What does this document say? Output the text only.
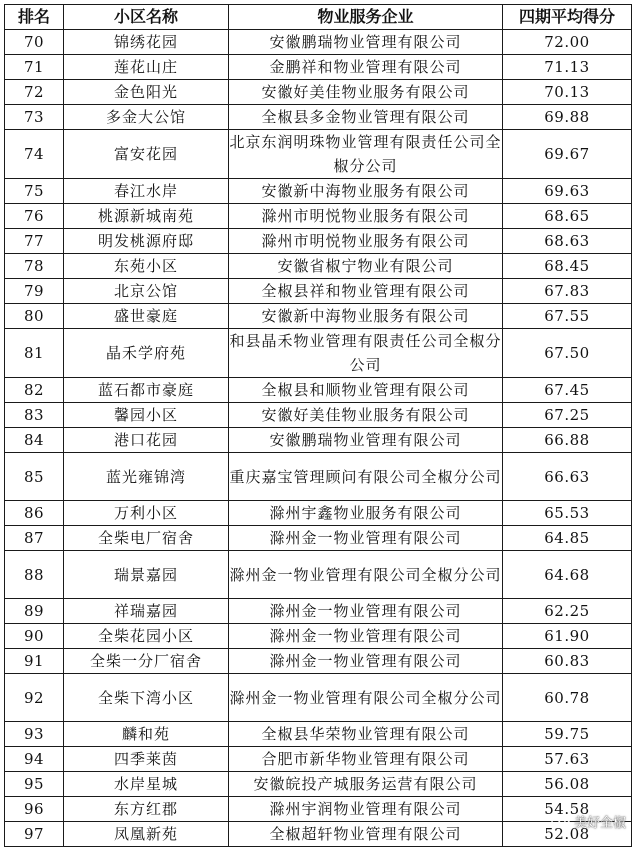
排名	小区名称	物业服务企业	四期平均得分
70	锦绣花园	安徽鹏瑞物业管理有限公司	72.00
71	莲花山庄	金鹏祥和物业管理有限公司	71.13
72	金色阳光	安徽好美佳物业服务有限公司	70.13
73	多金大公馆	全椒县多金物业管理有限公司	69.88
74	富安花园	北京东润明珠物业管理有限责任公司全椒分公司	69.67
75	春江水岸	安徽新中海物业服务有限公司	69.63
76	桃源新城南苑	滁州市明悦物业服务有限公司	68.65
77	明发桃源府邸	滁州市明悦物业服务有限公司	68.63
78	东苑小区	安徽省椒宁物业有限公司	68.45
79	北京公馆	全椒县祥和物业管理有限公司	67.83
80	盛世豪庭	安徽新中海物业服务有限公司	67.55
81	晶禾学府苑	和县晶禾物业管理有限责任公司全椒分公司	67.50
82	蓝石都市豪庭	全椒县和顺物业管理有限公司	67.45
83	馨园小区	安徽好美佳物业服务有限公司	67.25
84	港口花园	安徽鹏瑞物业管理有限公司	66.88
85	蓝光雍锦湾	重庆嘉宝管理顾问有限公司全椒分公司	66.63
86	万利小区	滁州宇鑫物业服务有限公司	65.53
87	全柴电厂宿舍	滁州金一物业管理有限公司	64.85
88	瑞景嘉园	滁州金一物业管理有限公司全椒分公司	64.68
89	祥瑞嘉园	滁州金一物业管理有限公司	62.25
90	全柴花园小区	滁州金一物业管理有限公司	61.90
91	全柴一分厂宿舍	滁州金一物业管理有限公司	60.83
92	全柴下湾小区	滁州金一物业管理有限公司全椒分公司	60.78
93	麟和苑	全椒县华荣物业管理有限公司	59.75
94	四季莱茵	合肥市新华物业管理有限公司	57.63
95	水岸星城	安徽皖投产城服务运营有限公司	56.08
96	东方红郡	滁州宇润物业管理有限公司	54.58
97	凤凰新苑	全椒超轩物业管理有限公司	52.08
美好全椒
